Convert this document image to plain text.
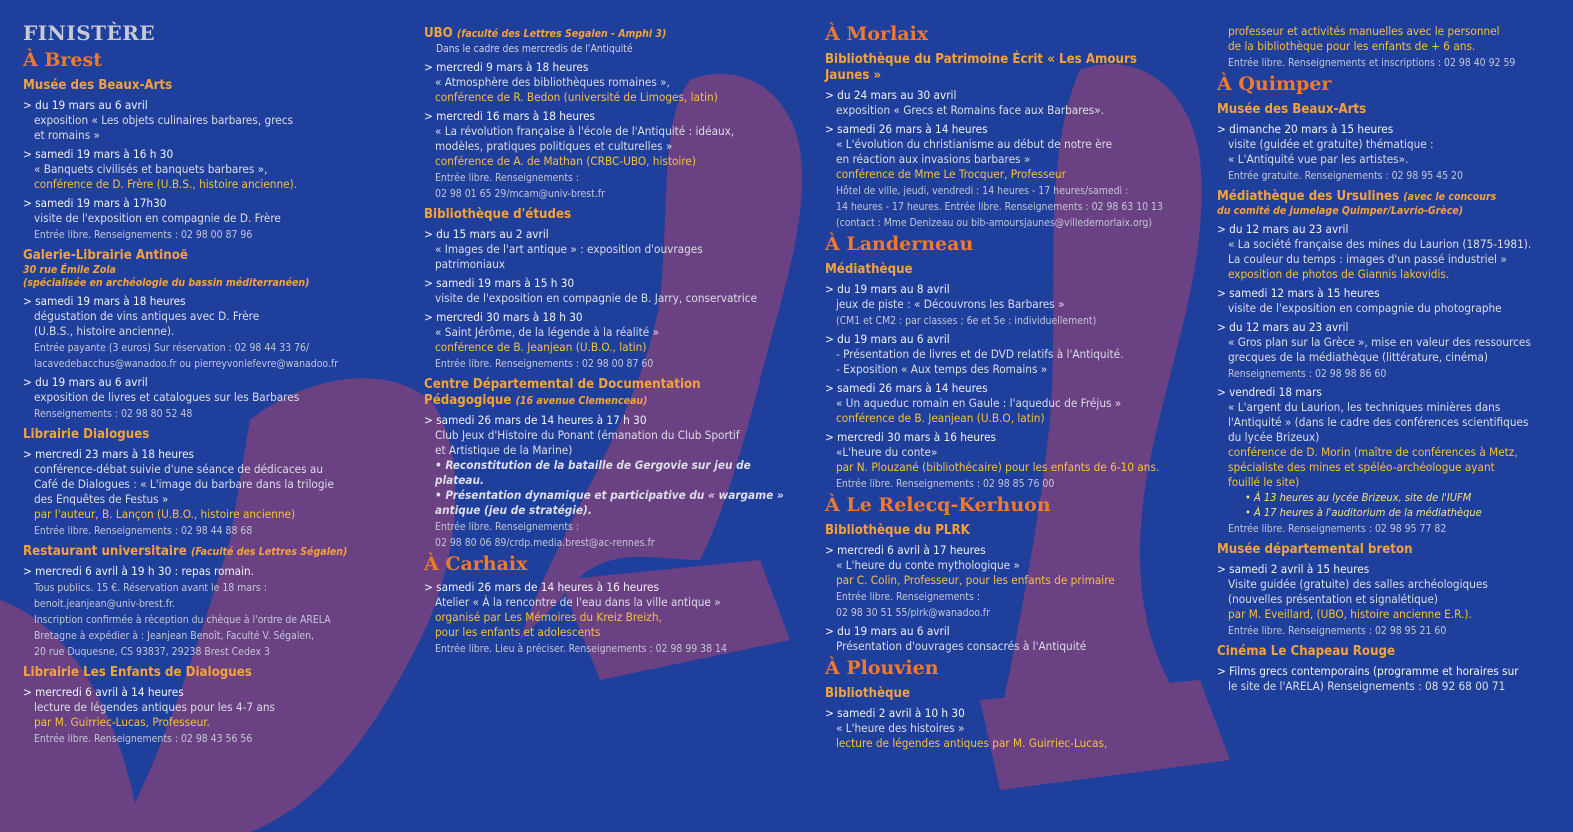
FINISTÈRE
À Brest
Musée des Beaux-Arts
> du 19 mars au 6 avril
exposition « Les objets culinaires barbares, grecs
et romains »
> samedi 19 mars à 16 h 30
« Banquets civilisés et banquets barbares »,
conférence de D. Frère (U.B.S., histoire ancienne).
> samedi 19 mars à 17h30
visite de l'exposition en compagnie de D. Frère
Entrée libre. Renseignements : 02 98 00 87 96
Galerie-Librairie Antinoë
30 rue Émile Zola
(spécialisée en archéologie du bassin méditerranéen)
> samedi 19 mars à 18 heures
dégustation de vins antiques avec D. Frère
(U.B.S., histoire ancienne).
Entrée payante (3 euros) Sur réservation : 02 98 44 33 76/
lacavedebacchus@wanadoo.fr ou pierreyvonlefevre@wanadoo.fr
> du 19 mars au 6 avril
exposition de livres et catalogues sur les Barbares
Renseignements : 02 98 80 52 48
Librairie Dialogues
> mercredi 23 mars à 18 heures
conférence-débat suivie d'une séance de dédicaces au
Café de Dialogues : « L'image du barbare dans la trilogie
des Enquêtes de Festus »
par l'auteur, B. Lançon (U.B.O., histoire ancienne)
Entrée libre. Renseignements : 02 98 44 88 68
Restaurant universitaire (Faculté des Lettres Ségalen)
> mercredi 6 avril à 19 h 30 : repas romain.
Tous publics. 15 €. Réservation avant le 18 mars :
benoit.jeanjean@univ-brest.fr.
Inscription confirmée à réception du chèque à l'ordre de ARELA
Bretagne à expédier à : Jeanjean Benoît, Faculté V. Ségalen,
20 rue Duquesne, CS 93837, 29238 Brest Cedex 3
Librairie Les Enfants de Dialogues
> mercredi 6 avril à 14 heures
lecture de légendes antiques pour les 4-7 ans
par M. Guirriec-Lucas, Professeur.
Entrée libre. Renseignements : 02 98 43 56 56
UBO (faculté des Lettres Segalen - Amphi 3)
Dans le cadre des mercredis de l'Antiquité
> mercredi 9 mars à 18 heures
« Atmosphère des bibliothèques romaines »,
conférence de R. Bedon (université de Limoges, latin)
> mercredi 16 mars à 18 heures
« La révolution française à l'école de l'Antiquité : idéaux,
modèles, pratiques politiques et culturelles »
conférence de A. de Mathan (CRBC-UBO, histoire)
Entrée libre. Renseignements :
02 98 01 65 29/mcam@univ-brest.fr
Bibliothèque d'études
> du 15 mars au 2 avril
« Images de l'art antique » : exposition d'ouvrages
patrimoniaux
> samedi 19 mars à 15 h 30
visite de l'exposition en compagnie de B. Jarry, conservatrice
> mercredi 30 mars à 18 h 30
« Saint Jérôme, de la légende à la réalité »
conférence de B. Jeanjean (U.B.O., latin)
Entrée libre. Renseignements : 02 98 00 87 60
Centre Départemental de Documentation
Pédagogique (16 avenue Clemenceau)
> samedi 26 mars de 14 heures à 17 h 30
Club Jeux d'Histoire du Ponant (émanation du Club Sportif
et Artistique de la Marine)
• Reconstitution de la bataille de Gergovie sur jeu de
plateau.
• Présentation dynamique et participative du « wargame »
antique (jeu de stratégie).
Entrée libre. Renseignements :
02 98 80 06 89/crdp.media.brest@ac-rennes.fr
À Carhaix
> samedi 26 mars de 14 heures à 16 heures
Atelier « À la rencontre de l'eau dans la ville antique »
organisé par Les Mémoires du Kreiz Breizh,
pour les enfants et adolescents
Entrée libre. Lieu à préciser. Renseignements : 02 98 99 38 14
À Morlaix
Bibliothèque du Patrimoine Écrit « Les Amours
Jaunes »
> du 24 mars au 30 avril
exposition « Grecs et Romains face aux Barbares».
> samedi 26 mars à 14 heures
« L'évolution du christianisme au début de notre ère
en réaction aux invasions barbares »
conférence de Mme Le Trocquer, Professeur
Hôtel de ville, jeudi, vendredi : 14 heures - 17 heures/samedi :
14 heures - 17 heures. Entrée libre. Renseignements : 02 98 63 10 13
(contact : Mme Denizeau ou bib-amoursjaunes@villedemorlaix.org)
À Landerneau
Médiathèque
> du 19 mars au 8 avril
jeux de piste : « Découvrons les Barbares »
(CM1 et CM2 : par classes ; 6e et 5e : individuellement)
> du 19 mars au 6 avril
- Présentation de livres et de DVD relatifs à l'Antiquité.
- Exposition « Aux temps des Romains »
> samedi 26 mars à 14 heures
« Un aqueduc romain en Gaule : l'aqueduc de Fréjus »
conférence de B. Jeanjean (U.B.O, latin)
> mercredi 30 mars à 16 heures
«L'heure du conte»
par N. Plouzané (bibliothécaire) pour les enfants de 6-10 ans.
Entrée libre. Renseignements : 02 98 85 76 00
À Le Relecq-Kerhuon
Bibliothèque du PLRK
> mercredi 6 avril à 17 heures
« L'heure du conte mythologique »
par C. Colin, Professeur, pour les enfants de primaire
Entrée libre. Renseignements :
02 98 30 51 55/plrk@wanadoo.fr
> du 19 mars au 6 avril
Présentation d'ouvrages consacrés à l'Antiquité
À Plouvien
Bibliothèque
> samedi 2 avril à 10 h 30
« L'heure des histoires »
lecture de légendes antiques par M. Guirriec-Lucas,
professeur et activités manuelles avec le personnel
de la bibliothèque pour les enfants de + 6 ans.
Entrée libre. Renseignements et inscriptions : 02 98 40 92 59
À Quimper
Musée des Beaux-Arts
> dimanche 20 mars à 15 heures
visite (guidée et gratuite) thématique :
« L'Antiquité vue par les artistes».
Entrée gratuite. Renseignements : 02 98 95 45 20
Médiathèque des Ursulines (avec le concours
du comité de jumelage Quimper/Lavrio-Grèce)
> du 12 mars au 23 avril
« La société française des mines du Laurion (1875-1981).
La couleur du temps : images d'un passé industriel »
exposition de photos de Giannis lakovidis.
> samedi 12 mars à 15 heures
visite de l'exposition en compagnie du photographe
> du 12 mars au 23 avril
« Gros plan sur la Grèce », mise en valeur des ressources
grecques de la médiathèque (littérature, cinéma)
Renseignements : 02 98 98 86 60
> vendredi 18 mars
« L'argent du Laurion, les techniques minières dans
l'Antiquité » (dans le cadre des conférences scientifiques
du lycée Brizeux)
conférence de D. Morin (maître de conférences à Metz,
spécialiste des mines et spéléo-archéologue ayant
fouillé le site)
• À 13 heures au lycée Brizeux, site de l'IUFM
• À 17 heures à l'auditorium de la médiathèque
Entrée libre. Renseignements : 02 98 95 77 82
Musée départemental breton
> samedi 2 avril à 15 heures
Visite guidée (gratuite) des salles archéologiques
(nouvelles présentation et signalétique)
par M. Eveillard, (UBO, histoire ancienne E.R.).
Entrée libre. Renseignements : 02 98 95 21 60
Cinéma Le Chapeau Rouge
> Films grecs contemporains (programme et horaires sur
le site de l'ARELA) Renseignements : 08 92 68 00 71
